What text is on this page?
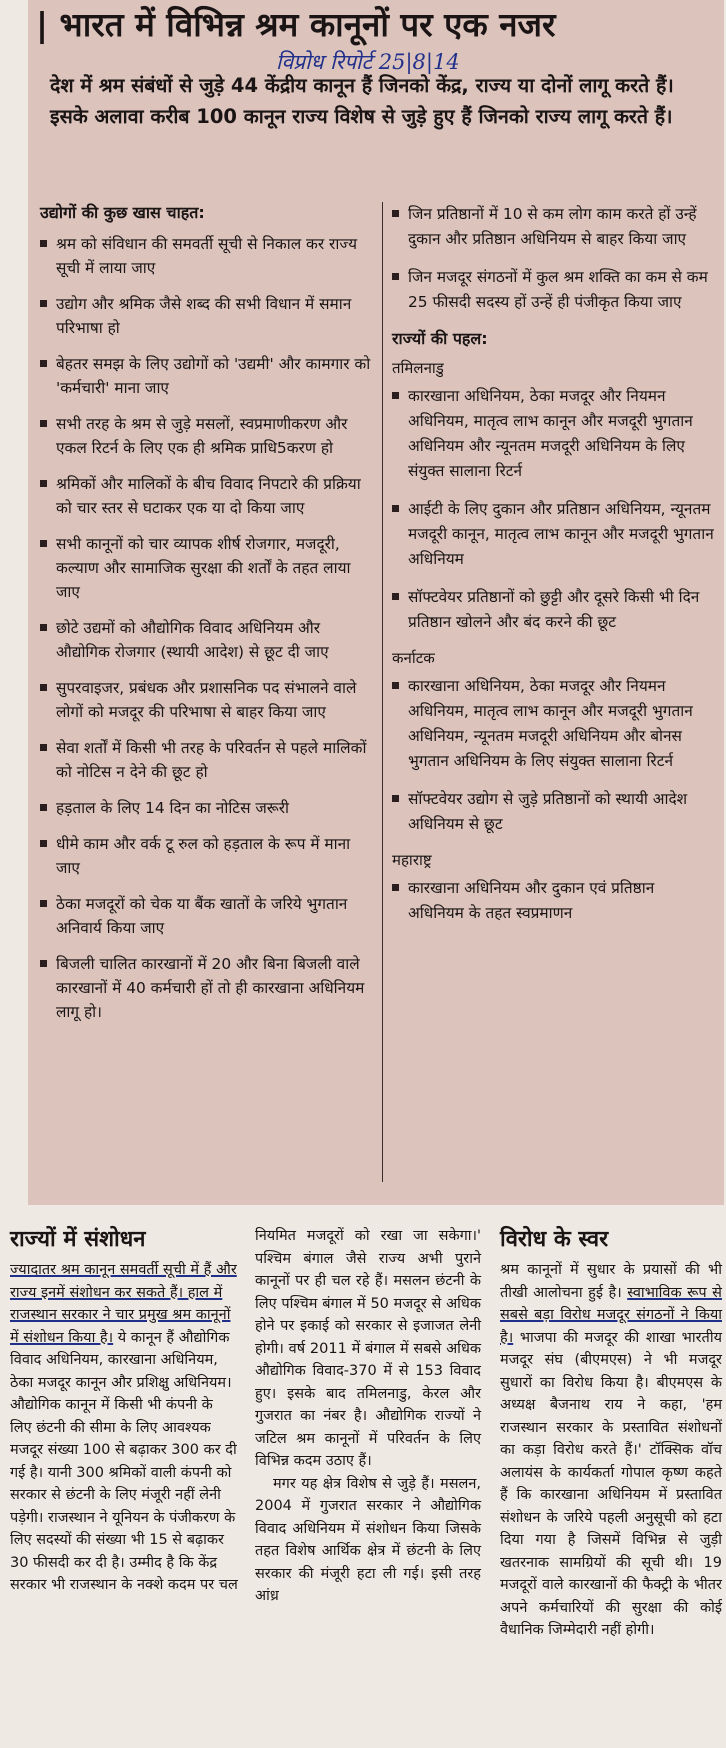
| भारत में विभिन्न श्रम कानूनों पर एक नजर
विप्रोध रिपोर्ट 25|8|14

देश में श्रम संबंधों से जुड़े 44 केंद्रीय कानून हैं जिनको केंद्र, राज्य या दोनों लागू करते हैं। इसके अलावा करीब 100 कानून राज्य विशेष से जुड़े हुए हैं जिनको राज्य लागू करते हैं।

उद्योगों की कुछ खास चाहत:
श्रम को संविधान की समवर्ती सूची से निकाल कर राज्य सूची में लाया जाए
उद्योग और श्रमिक जैसे शब्द की सभी विधान में समान परिभाषा हो
बेहतर समझ के लिए उद्योगों को 'उद्यमी' और कामगार को 'कर्मचारी' माना जाए
सभी तरह के श्रम से जुड़े मसलों, स्वप्रमाणीकरण और एकल रिटर्न के लिए एक ही श्रमिक प्राधि5करण हो
श्रमिकों और मालिकों के बीच विवाद निपटारे की प्रक्रिया को चार स्तर से घटाकर एक या दो किया जाए
सभी कानूनों को चार व्यापक शीर्ष रोजगार, मजदूरी, कल्याण और सामाजिक सुरक्षा की शर्तों के तहत लाया जाए
छोटे उद्यमों को औद्योगिक विवाद अधिनियम और औद्योगिक रोजगार (स्थायी आदेश) से छूट दी जाए
सुपरवाइजर, प्रबंधक और प्रशासनिक पद संभालने वाले लोगों को मजदूर की परिभाषा से बाहर किया जाए
सेवा शर्तों में किसी भी तरह के परिवर्तन से पहले मालिकों को नोटिस न देने की छूट हो
हड़ताल के लिए 14 दिन का नोटिस जरूरी
धीमे काम और वर्क टू रुल को हड़ताल के रूप में माना जाए
ठेका मजदूरों को चेक या बैंक खातों के जरिये भुगतान अनिवार्य किया जाए
बिजली चालित कारखानों में 20 और बिना बिजली वाले कारखानों में 40 कर्मचारी हों तो ही कारखाना अधिनियम लागू हो।
जिन प्रतिष्ठानों में 10 से कम लोग काम करते हों उन्हें दुकान और प्रतिष्ठान अधिनियम से बाहर किया जाए
जिन मजदूर संगठनों में कुल श्रम शक्ति का कम से कम 25 फीसदी सदस्य हों उन्हें ही पंजीकृत किया जाए
राज्यों की पहल:
तमिलनाडु
कारखाना अधिनियम, ठेका मजदूर और नियमन अधिनियम, मातृत्व लाभ कानून और मजदूरी भुगतान अधिनियम और न्यूनतम मजदूरी अधिनियम के लिए संयुक्त सालाना रिटर्न
आईटी के लिए दुकान और प्रतिष्ठान अधिनियम, न्यूनतम मजदूरी कानून, मातृत्व लाभ कानून और मजदूरी भुगतान अधिनियम
सॉफ्टवेयर प्रतिष्ठानों को छुट्टी और दूसरे किसी भी दिन प्रतिष्ठान खोलने और बंद करने की छूट
कर्नाटक
कारखाना अधिनियम, ठेका मजदूर और नियमन अधिनियम, मातृत्व लाभ कानून और मजदूरी भुगतान अधिनियम, न्यूनतम मजदूरी अधिनियम और बोनस भुगतान अधिनियम के लिए संयुक्त सालाना रिटर्न
सॉफ्टवेयर उद्योग से जुड़े प्रतिष्ठानों को स्थायी आदेश अधिनियम से छूट
महाराष्ट्र
कारखाना अधिनियम और दुकान एवं प्रतिष्ठान अधिनियम के तहत स्वप्रमाणन
राज्यों में संशोधन

ज्यादातर श्रम कानून समवर्ती सूची में हैं और राज्य इनमें संशोधन कर सकते हैं। हाल में राजस्थान सरकार ने चार प्रमुख श्रम कानूनों में संशोधन किया है। ये कानून हैं औद्योगिक विवाद अधिनियम, कारखाना अधिनियम, ठेका मजदूर कानून और प्रशिक्षु अधिनियम। औद्योगिक कानून में किसी भी कंपनी के लिए छंटनी की सीमा के लिए आवश्यक मजदूर संख्या 100 से बढ़ाकर 300 कर दी गई है। यानी 300 श्रमिकों वाली कंपनी को सरकार से छंटनी के लिए मंजूरी नहीं लेनी पड़ेगी। राजस्थान ने यूनियन के पंजीकरण के लिए सदस्यों की संख्या भी 15 से बढ़ाकर 30 फीसदी कर दी है। उम्मीद है कि केंद्र सरकार भी राजस्थान के नक्शे कदम पर चल

नियमित मजदूरों को रखा जा सकेगा।' पश्चिम बंगाल जैसे राज्य अभी पुराने कानूनों पर ही चल रहे हैं। मसलन छंटनी के लिए पश्चिम बंगाल में 50 मजदूर से अधिक होने पर इकाई को सरकार से इजाजत लेनी होगी। वर्ष 2011 में बंगाल में सबसे अधिक औद्योगिक विवाद-370 में से 153 विवाद हुए। इसके बाद तमिलनाडु, केरल और गुजरात का नंबर है। औद्योगिक राज्यों ने जटिल श्रम कानूनों में परिवर्तन के लिए विभिन्न कदम उठाए हैं।

मगर यह क्षेत्र विशेष से जुड़े हैं। मसलन, 2004 में गुजरात सरकार ने औद्योगिक विवाद अधिनियम में संशोधन किया जिसके तहत विशेष आर्थिक क्षेत्र में छंटनी के लिए सरकार की मंजूरी हटा ली गई। इसी तरह आंध्र

विरोध के स्वर

श्रम कानूनों में सुधार के प्रयासों की भी तीखी आलोचना हुई है। स्वाभाविक रूप से सबसे बड़ा विरोध मजदूर संगठनों ने किया है। भाजपा की मजदूर की शाखा भारतीय मजदूर संघ (बीएमएस) ने भी मजदूर सुधारों का विरोध किया है। बीएमएस के अध्यक्ष बैजनाथ राय ने कहा, 'हम राजस्थान सरकार के प्रस्तावित संशोधनों का कड़ा विरोध करते हैं।' टॉक्सिक वॉच अलायंस के कार्यकर्ता गोपाल कृष्ण कहते हैं कि कारखाना अधिनियम में प्रस्तावित संशोधन के जरिये पहली अनुसूची को हटा दिया गया है जिसमें विभिन्न से जुड़ी खतरनाक सामग्रियों की सूची थी। 19 मजदूरों वाले कारखानों की फैक्ट्री के भीतर अपने कर्मचारियों की सुरक्षा की कोई वैधानिक जिम्मेदारी नहीं होगी।
